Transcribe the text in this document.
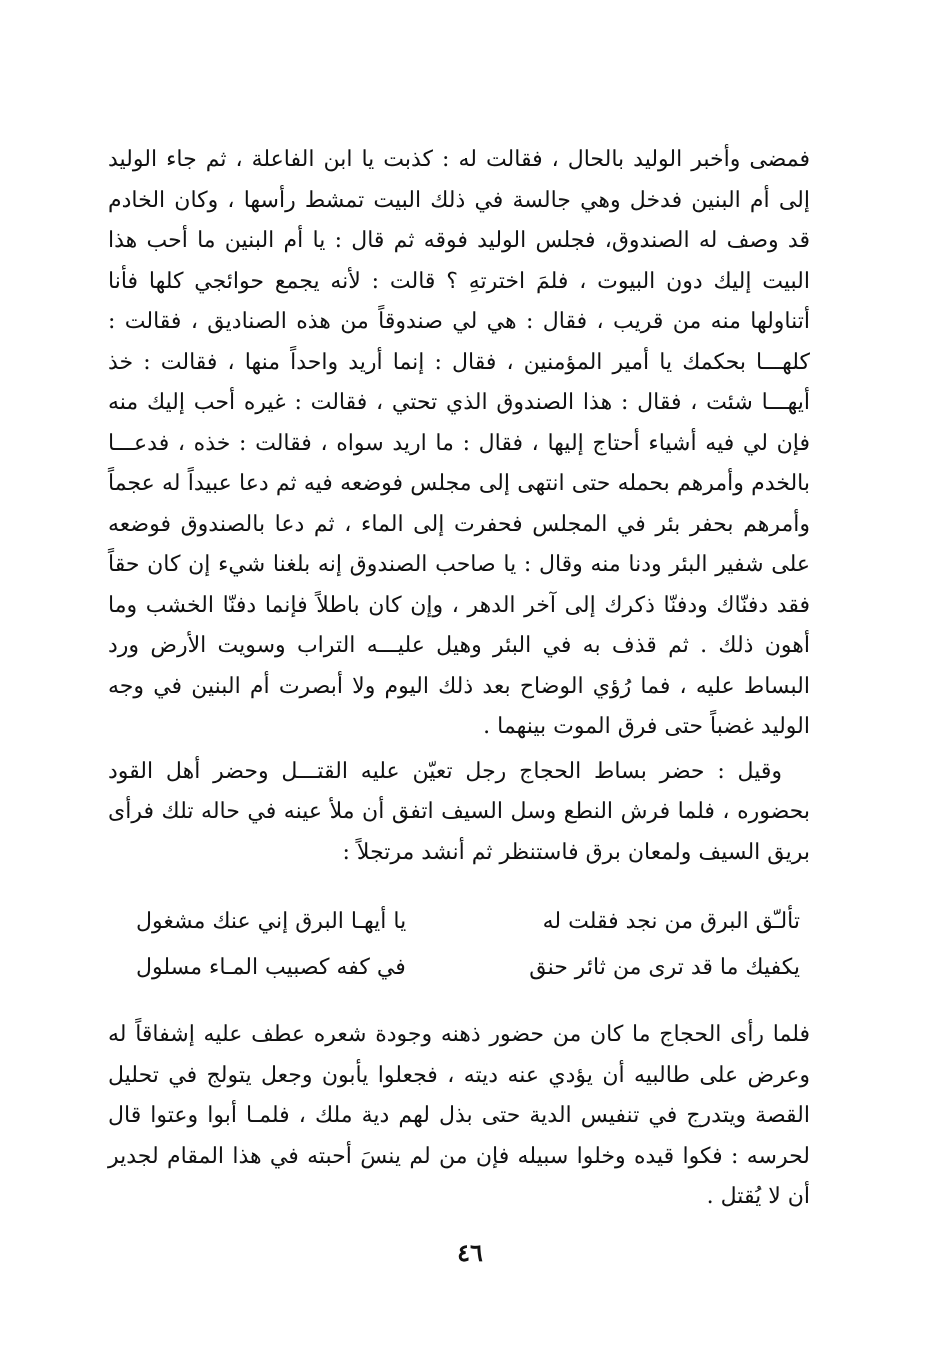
فمضى وأخبر الوليد بالحال ، فقالت له : كذبت يا ابن الفاعلة ، ثم جاء الوليد إلى أم البنين فدخل وهي جالسة في ذلك البيت تمشط رأسها ، وكان الخادم قد وصف له الصندوق، فجلس الوليد فوقه ثم قال : يا أم البنين ما أحب هذا البيت إليك دون البيوت ، فلمَ اخترتهِ ؟ قالت : لأنه يجمع حوائجي كلها فأنا أتناولها منه من قريب ، فقال : هي لي صندوقاً من هذه الصناديق ، فقالت : كلهـــا بحكمك يا أمير المؤمنين ، فقال : إنما أريد واحداً منها ، فقالت : خذ أيهـــا شئت ، فقال : هذا الصندوق الذي تحتي ، فقالت : غيره أحب إليك منه فإن لي فيه أشياء أحتاج إليها ، فقال : ما اريد سواه ، فقالت : خذه ، فدعـــا بالخدم وأمرهم بحمله حتى انتهى إلى مجلس فوضعه فيه ثم دعا عبيداً له عجماً وأمرهم بحفر بئر في المجلس فحفرت إلى الماء ، ثم دعا بالصندوق فوضعه على شفير البئر ودنا منه وقال : يا صاحب الصندوق إنه بلغنا شيء إن كان حقاً فقد دفنّاك ودفنّا ذكرك إلى آخر الدهر ، وإن كان باطلاً فإنما دفنّا الخشب وما أهون ذلك . ثم قذف به في البئر وهيل عليـــه التراب وسويت الأرض ورد البساط عليه ، فما رُؤي الوضاح بعد ذلك اليوم ولا أبصرت أم البنين في وجه الوليد غضباً حتى فرق الموت بينهما .

وقيل : حضر بساط الحجاج رجل تعيّن عليه القتـــل وحضر أهل القود بحضوره ، فلما فرش النطع وسل السيف اتفق أن ملأ عينه في حاله تلك فرأى بريق السيف ولمعان برق فاستنظر ثم أنشد مرتجلاً :

تألـّق البرق من نجد فقلت له
يا أيهـا البرق إني عنك مشغول
يكفيك ما قد ترى من ثائر حنق
في كفه كصبيب المـاء مسلول

فلما رأى الحجاج ما كان من حضور ذهنه وجودة شعره عطف عليه إشفاقاً له وعرض على طالبيه أن يؤدي عنه ديته ، فجعلوا يأبون وجعل يتولج في تحليل القصة ويتدرج في تنفيس الدية حتى بذل لهم دية ملك ، فلمـا أبوا وعتوا قال لحرسه : فكوا قيده وخلوا سبيله فإن من لم ينسَ أحبته في هذا المقام لجدير أن لا يُقتل .

٤٦
